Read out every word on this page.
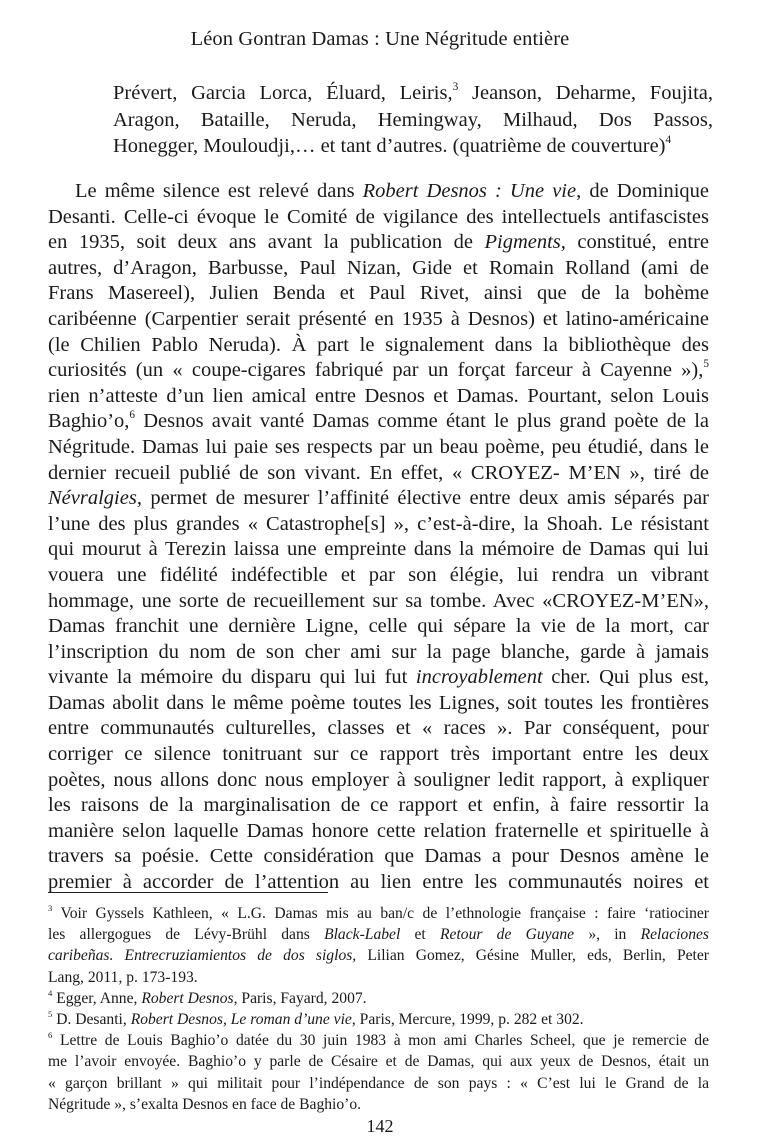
Léon Gontran Damas : Une Négritude entière
Prévert, Garcia Lorca, Éluard, Leiris,$^3$ Jeanson, Deharme, Foujita,
Aragon, Bataille, Neruda, Hemingway, Milhaud, Dos Passos,
Honegger, Mouloudji,… et tant d’autres. (quatrième de couverture)$^4$
Le même silence est relevé dans Robert Desnos : Une vie, de Dominique
Desanti. Celle-ci évoque le Comité de vigilance des intellectuels antifascistes
en 1935, soit deux ans avant la publication de Pigments, constitué, entre
autres, d’Aragon, Barbusse, Paul Nizan, Gide et Romain Rolland (ami de
Frans Masereel), Julien Benda et Paul Rivet, ainsi que de la bohème
caribéenne (Carpentier serait présenté en 1935 à Desnos) et latino-américaine
(le Chilien Pablo Neruda). À part le signalement dans la bibliothèque des
curiosités (un « coupe-cigares fabriqué par un forçat farceur à Cayenne »),$^5$
rien n’atteste d’un lien amical entre Desnos et Damas. Pourtant, selon Louis
Baghio’o,$^6$ Desnos avait vanté Damas comme étant le plus grand poète de la
Négritude. Damas lui paie ses respects par un beau poème, peu étudié, dans le
dernier recueil publié de son vivant. En effet, « CROYEZ- M’EN », tiré de
Névralgies, permet de mesurer l’affinité élective entre deux amis séparés par
l’une des plus grandes « Catastrophe[s] », c’est-à-dire, la Shoah. Le résistant
qui mourut à Terezin laissa une empreinte dans la mémoire de Damas qui lui
vouera une fidélité indéfectible et par son élégie, lui rendra un vibrant
hommage, une sorte de recueillement sur sa tombe. Avec «CROYEZ-M’EN»,
Damas franchit une dernière Ligne, celle qui sépare la vie de la mort, car
l’inscription du nom de son cher ami sur la page blanche, garde à jamais
vivante la mémoire du disparu qui lui fut incroyablement cher. Qui plus est,
Damas abolit dans le même poème toutes les Lignes, soit toutes les frontières
entre communautés culturelles, classes et « races ». Par conséquent, pour
corriger ce silence tonitruant sur ce rapport très important entre les deux
poètes, nous allons donc nous employer à souligner ledit rapport, à expliquer
les raisons de la marginalisation de ce rapport et enfin, à faire ressortir la
manière selon laquelle Damas honore cette relation fraternelle et spirituelle à
travers sa poésie. Cette considération que Damas a pour Desnos amène le
premier à accorder de l’attention au lien entre les communautés noires et
$^3$ Voir Gyssels Kathleen, « L.G. Damas mis au ban/c de l’ethnologie française : faire ‘ratiociner
les allergogues de Lévy-Brühl dans Black-Label et Retour de Guyane », in Relaciones
caribeñas. Entrecruziamientos de dos siglos, Lilian Gomez, Gésine Muller, eds, Berlin, Peter
Lang, 2011, p. 173-193.
$^4$ Egger, Anne, Robert Desnos, Paris, Fayard, 2007.
$^5$ D. Desanti, Robert Desnos, Le roman d’une vie, Paris, Mercure, 1999, p. 282 et 302.
$^6$ Lettre de Louis Baghio’o datée du 30 juin 1983 à mon ami Charles Scheel, que je remercie de
me l’avoir envoyée. Baghio’o y parle de Césaire et de Damas, qui aux yeux de Desnos, était un
« garçon brillant » qui militait pour l’indépendance de son pays : « C’est lui le Grand de la
Négritude », s’exalta Desnos en face de Baghio’o.
142
